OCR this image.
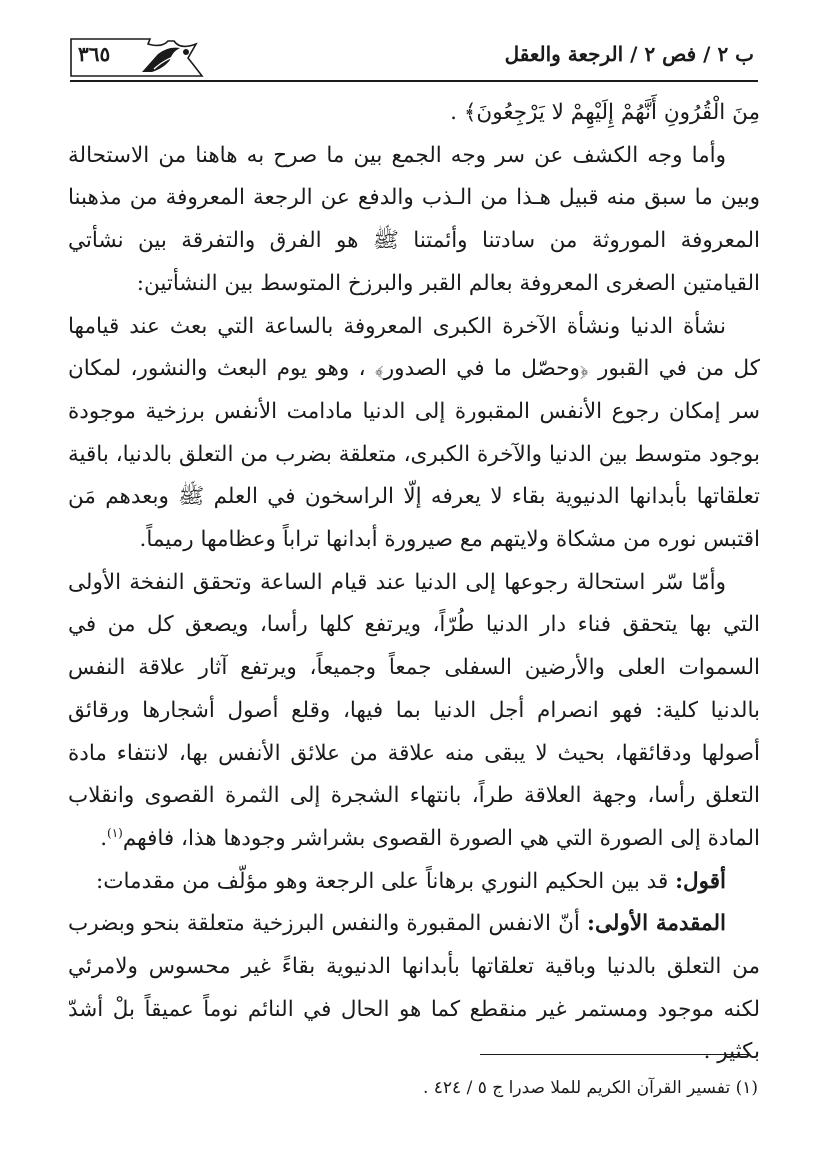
٣٦٥	ب ٢ / فص ٢ / الرجعة والعقل

مِنَ الْقُرُونِ أَنَّهُمْ إِلَيْهِمْ لا يَرْجِعُونَ﴾ .

وأما وجه الكشف عن سر وجه الجمع بين ما صرح به هاهنا من الاستحالة وبين ما سبق منه قبيل هـذا من الـذب والدفع عن الرجعة المعروفة من مذهبنا المعروفة الموروثة من سادتنا وأئمتنا ﷺ هو الفرق والتفرقة بين نشأتي القيامتين الصغرى المعروفة بعالم القبر والبرزخ المتوسط بين النشأتين:

نشأة الدنيا ونشأة الآخرة الكبرى المعروفة بالساعة التي بعث عند قيامها كل من في القبور ﴿وحصّل ما في الصدور﴾ ، وهو يوم البعث والنشور، لمكان سر إمكان رجوع الأنفس المقبورة إلى الدنيا مادامت الأنفس برزخية موجودة بوجود متوسط بين الدنيا والآخرة الكبرى، متعلقة بضرب من التعلق بالدنيا، باقية تعلقاتها بأبدانها الدنيوية بقاء لا يعرفه إلّا الراسخون في العلم ﷺ وبعدهم مَن اقتبس نوره من مشكاة ولايتهم مع صيرورة أبدانها تراباً وعظامها رميماً.

وأمّا سّر استحالة رجوعها إلى الدنيا عند قيام الساعة وتحقق النفخة الأولى التي بها يتحقق فناء دار الدنيا طُرّاً، ويرتفع كلها رأسا، ويصعق كل من في السموات العلى والأرضين السفلى جمعاً وجميعاً، ويرتفع آثار علاقة النفس بالدنيا كلية: فهو انصرام أجل الدنيا بما فيها، وقلع أصول أشجارها ورقائق أصولها ودقائقها، بحيث لا يبقى منه علاقة من علائق الأنفس بها، لانتفاء مادة التعلق رأسا، وجهة العلاقة طراً، بانتهاء الشجرة إلى الثمرة القصوى وانقلاب المادة إلى الصورة التي هي الصورة القصوى بشراشر وجودها هذا، فافهم$^{(١)}$.

أقول: قد بين الحكيم النوري برهاناً على الرجعة وهو مؤلّف من مقدمات:

المقدمة الأولى: أنّ الانفس المقبورة والنفس البرزخية متعلقة بنحو وبضرب من التعلق بالدنيا وباقية تعلقاتها بأبدانها الدنيوية بقاءً غير محسوس ولامرئي لكنه موجود ومستمر غير منقطع كما هو الحال في النائم نوماً عميقاً بلْ أشدّ بكثير .

(١) تفسير القرآن الكريم للملا صدرا ج ٥ / ٤٢٤ .
